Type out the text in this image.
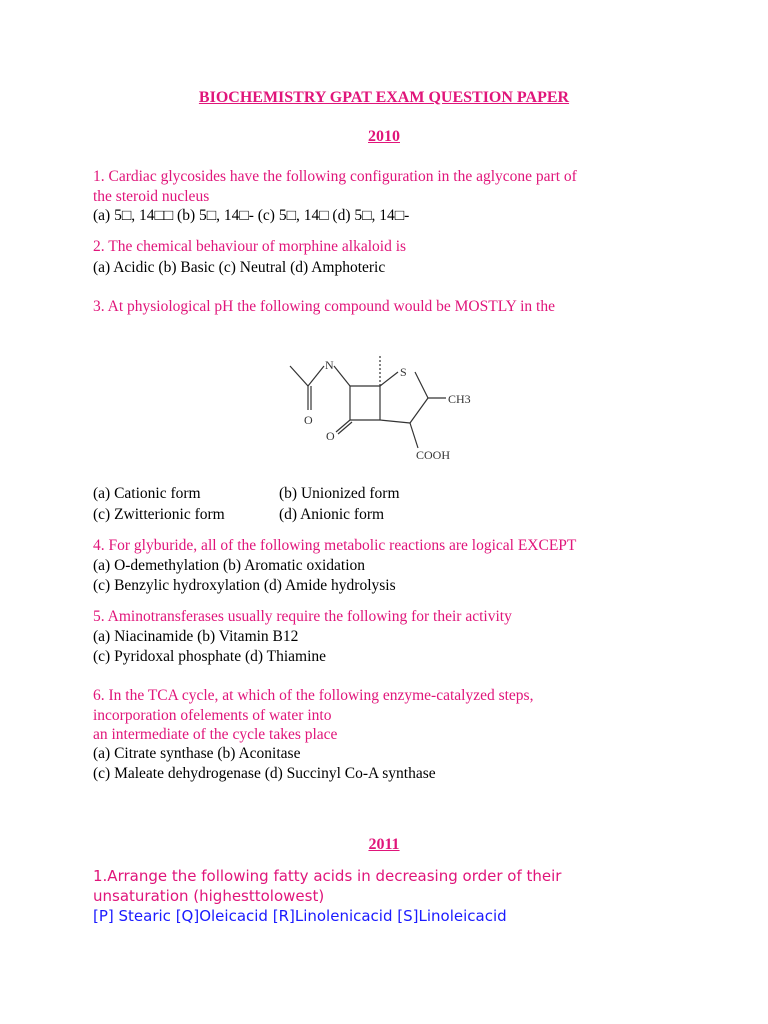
BIOCHEMISTRY GPAT EXAM QUESTION PAPER
2010
1. Cardiac glycosides have the following configuration in the aglycone part of
the steroid nucleus
(a) 5□, 14□□ (b) 5□, 14□- (c) 5□, 14□ (d) 5□, 14□-
2. The chemical behaviour of morphine alkaloid is
(a) Acidic (b) Basic (c) Neutral (d) Amphoteric
3. At physiological pH the following compound would be MOSTLY in the
N	S
O
O
CH3
COOH
(a) Cationic form	(b) Unionized form
(c) Zwitterionic form	(d) Anionic form
4. For glyburide, all of the following metabolic reactions are logical EXCEPT
(a) O-demethylation (b) Aromatic oxidation
(c) Benzylic hydroxylation (d) Amide hydrolysis
5. Aminotransferases usually require the following for their activity
(a) Niacinamide (b) Vitamin B12
(c) Pyridoxal phosphate (d) Thiamine
6. In the TCA cycle, at which of the following enzyme-catalyzed steps,
incorporation ofelements of water into
an intermediate of the cycle takes place
(a) Citrate synthase (b) Aconitase
(c) Maleate dehydrogenase (d) Succinyl Co-A synthase
2011
1.Arrange the following fatty acids in decreasing order of their
unsaturation (highesttolowest)
[P] Stearic [Q]Oleicacid [R]Linolenicacid [S]Linoleicacid
